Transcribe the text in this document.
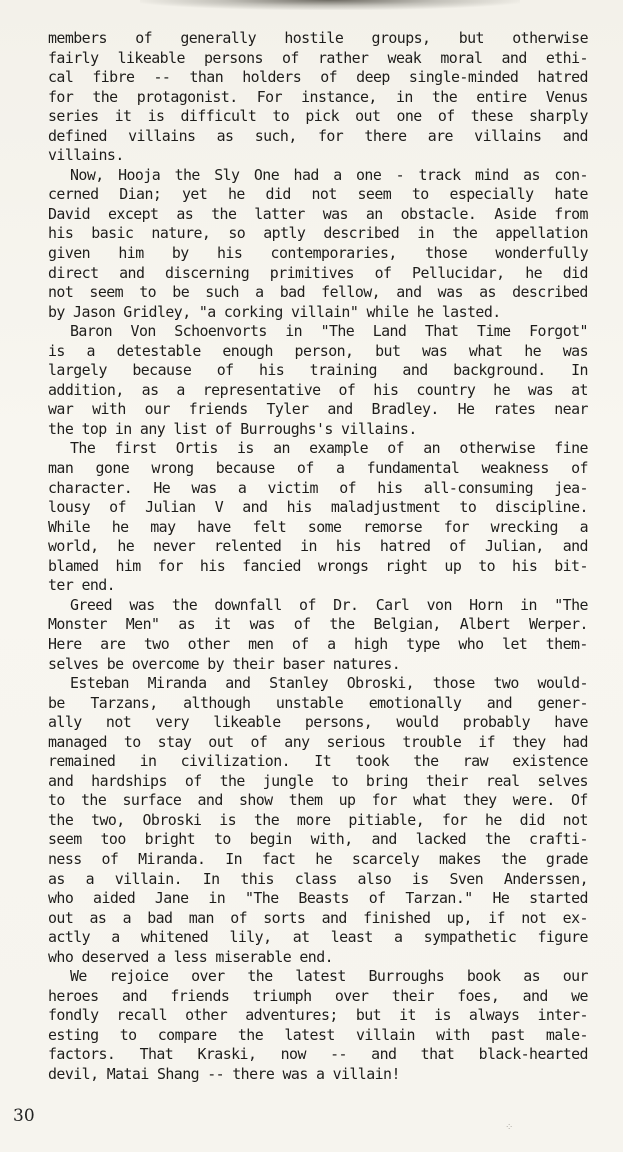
members of generally hostile groups, but otherwise
fairly likeable persons of rather weak moral and ethi-
cal fibre -- than holders of deep single-minded hatred
for the protagonist. For instance, in the entire Venus
series it is difficult to pick out one of these sharply
defined villains as such, for there are villains and
villains.
Now, Hooja the Sly One had a one - track mind as con-
cerned Dian; yet he did not seem to especially hate
David except as the latter was an obstacle. Aside from
his basic nature, so aptly described in the appellation
given him by his contemporaries, those wonderfully
direct and discerning primitives of Pellucidar, he did
not seem to be such a bad fellow, and was as described
by Jason Gridley, "a corking villain" while he lasted.
Baron Von Schoenvorts in "The Land That Time Forgot"
is a detestable enough person, but was what he was
largely because of his training and background. In
addition, as a representative of his country he was at
war with our friends Tyler and Bradley. He rates near
the top in any list of Burroughs's villains.
The first Ortis is an example of an otherwise fine
man gone wrong because of a fundamental weakness of
character. He was a victim of his all-consuming jea-
lousy of Julian V and his maladjustment to discipline.
While he may have felt some remorse for wrecking a
world, he never relented in his hatred of Julian, and
blamed him for his fancied wrongs right up to his bit-
ter end.
Greed was the downfall of Dr. Carl von Horn in "The
Monster Men" as it was of the Belgian, Albert Werper.
Here are two other men of a high type who let them-
selves be overcome by their baser natures.
Esteban Miranda and Stanley Obroski, those two would-
be Tarzans, although unstable emotionally and gener-
ally not very likeable persons, would probably have
managed to stay out of any serious trouble if they had
remained in civilization. It took the raw existence
and hardships of the jungle to bring their real selves
to the surface and show them up for what they were. Of
the two, Obroski is the more pitiable, for he did not
seem too bright to begin with, and lacked the crafti-
ness of Miranda. In fact he scarcely makes the grade
as a villain. In this class also is Sven Anderssen,
who aided Jane in "The Beasts of Tarzan." He started
out as a bad man of sorts and finished up, if not ex-
actly a whitened lily, at least a sympathetic figure
who deserved a less miserable end.
We rejoice over the latest Burroughs book as our
heroes and friends triumph over their foes, and we
fondly recall other adventures; but it is always inter-
esting to compare the latest villain with past male-
factors. That Kraski, now -- and that black-hearted
devil, Matai Shang -- there was a villain!
30
⁘
